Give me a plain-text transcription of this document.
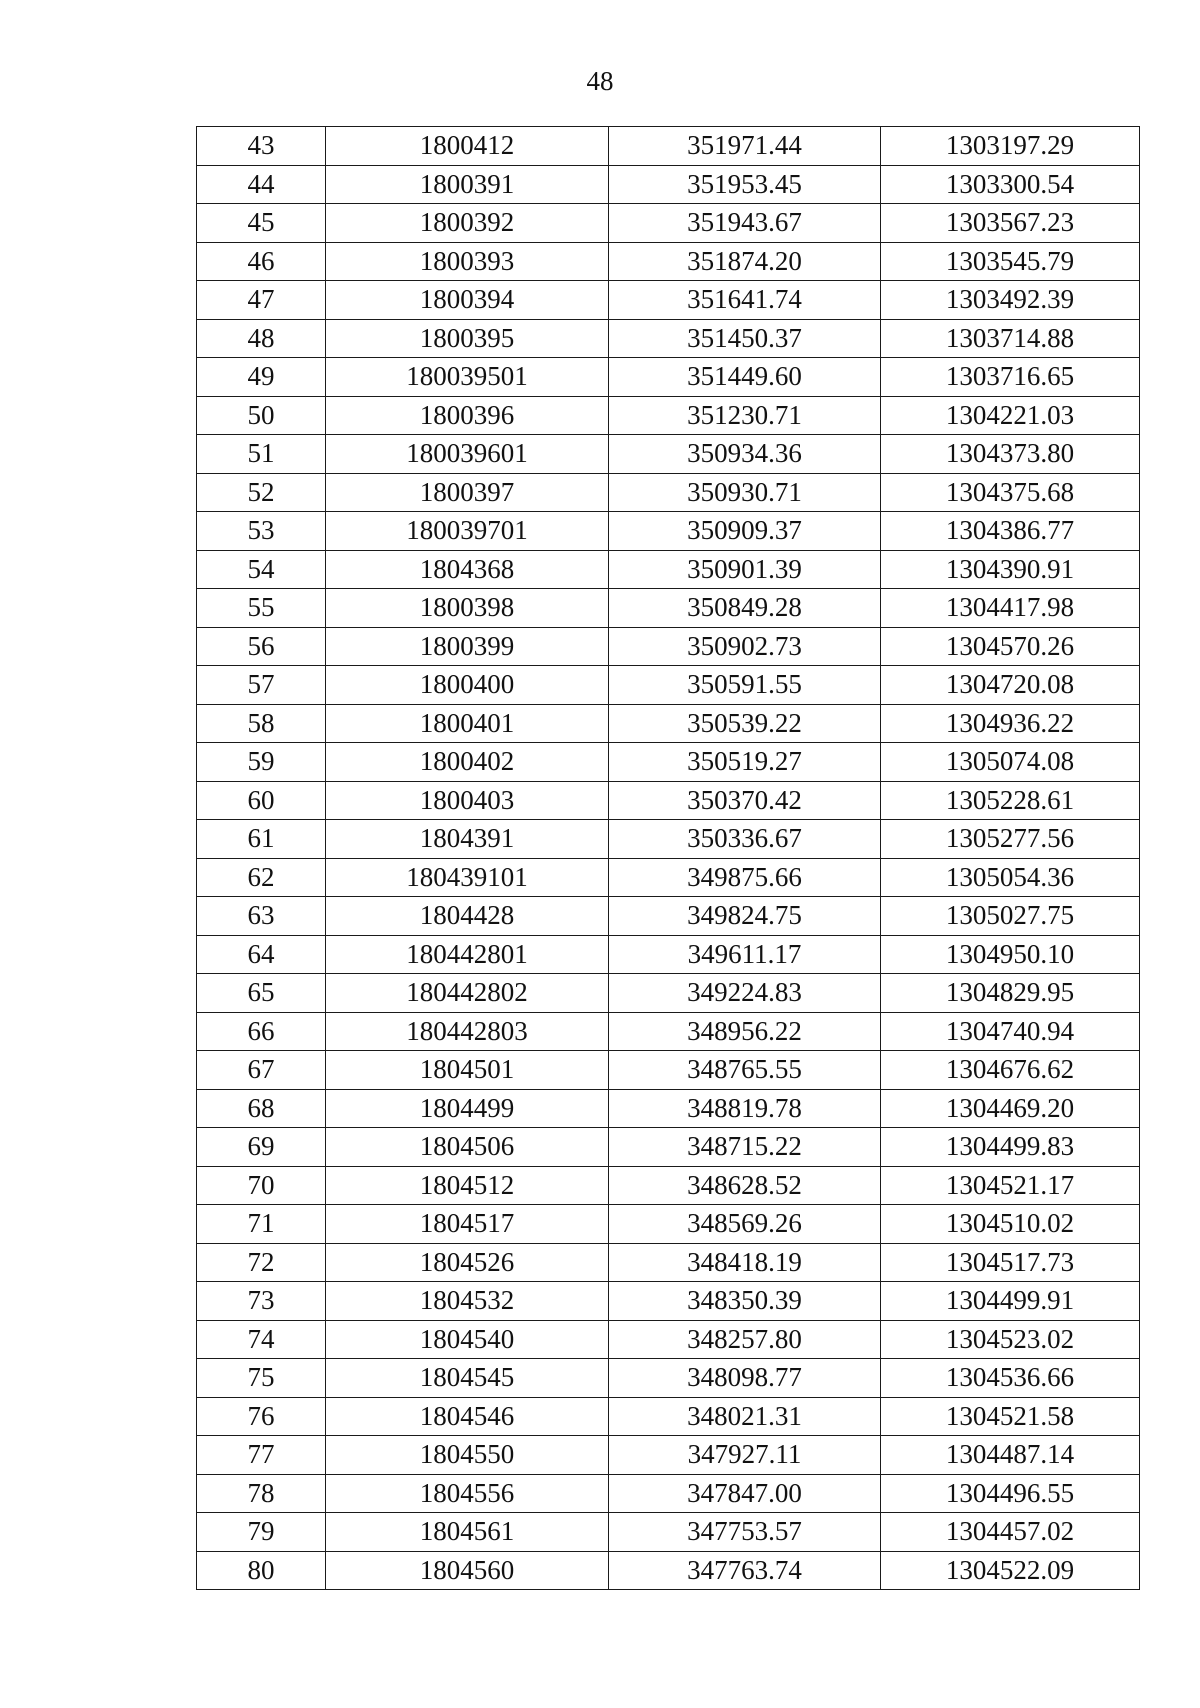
48
43	1800412	351971.44	1303197.29
44	1800391	351953.45	1303300.54
45	1800392	351943.67	1303567.23
46	1800393	351874.20	1303545.79
47	1800394	351641.74	1303492.39
48	1800395	351450.37	1303714.88
49	180039501	351449.60	1303716.65
50	1800396	351230.71	1304221.03
51	180039601	350934.36	1304373.80
52	1800397	350930.71	1304375.68
53	180039701	350909.37	1304386.77
54	1804368	350901.39	1304390.91
55	1800398	350849.28	1304417.98
56	1800399	350902.73	1304570.26
57	1800400	350591.55	1304720.08
58	1800401	350539.22	1304936.22
59	1800402	350519.27	1305074.08
60	1800403	350370.42	1305228.61
61	1804391	350336.67	1305277.56
62	180439101	349875.66	1305054.36
63	1804428	349824.75	1305027.75
64	180442801	349611.17	1304950.10
65	180442802	349224.83	1304829.95
66	180442803	348956.22	1304740.94
67	1804501	348765.55	1304676.62
68	1804499	348819.78	1304469.20
69	1804506	348715.22	1304499.83
70	1804512	348628.52	1304521.17
71	1804517	348569.26	1304510.02
72	1804526	348418.19	1304517.73
73	1804532	348350.39	1304499.91
74	1804540	348257.80	1304523.02
75	1804545	348098.77	1304536.66
76	1804546	348021.31	1304521.58
77	1804550	347927.11	1304487.14
78	1804556	347847.00	1304496.55
79	1804561	347753.57	1304457.02
80	1804560	347763.74	1304522.09
